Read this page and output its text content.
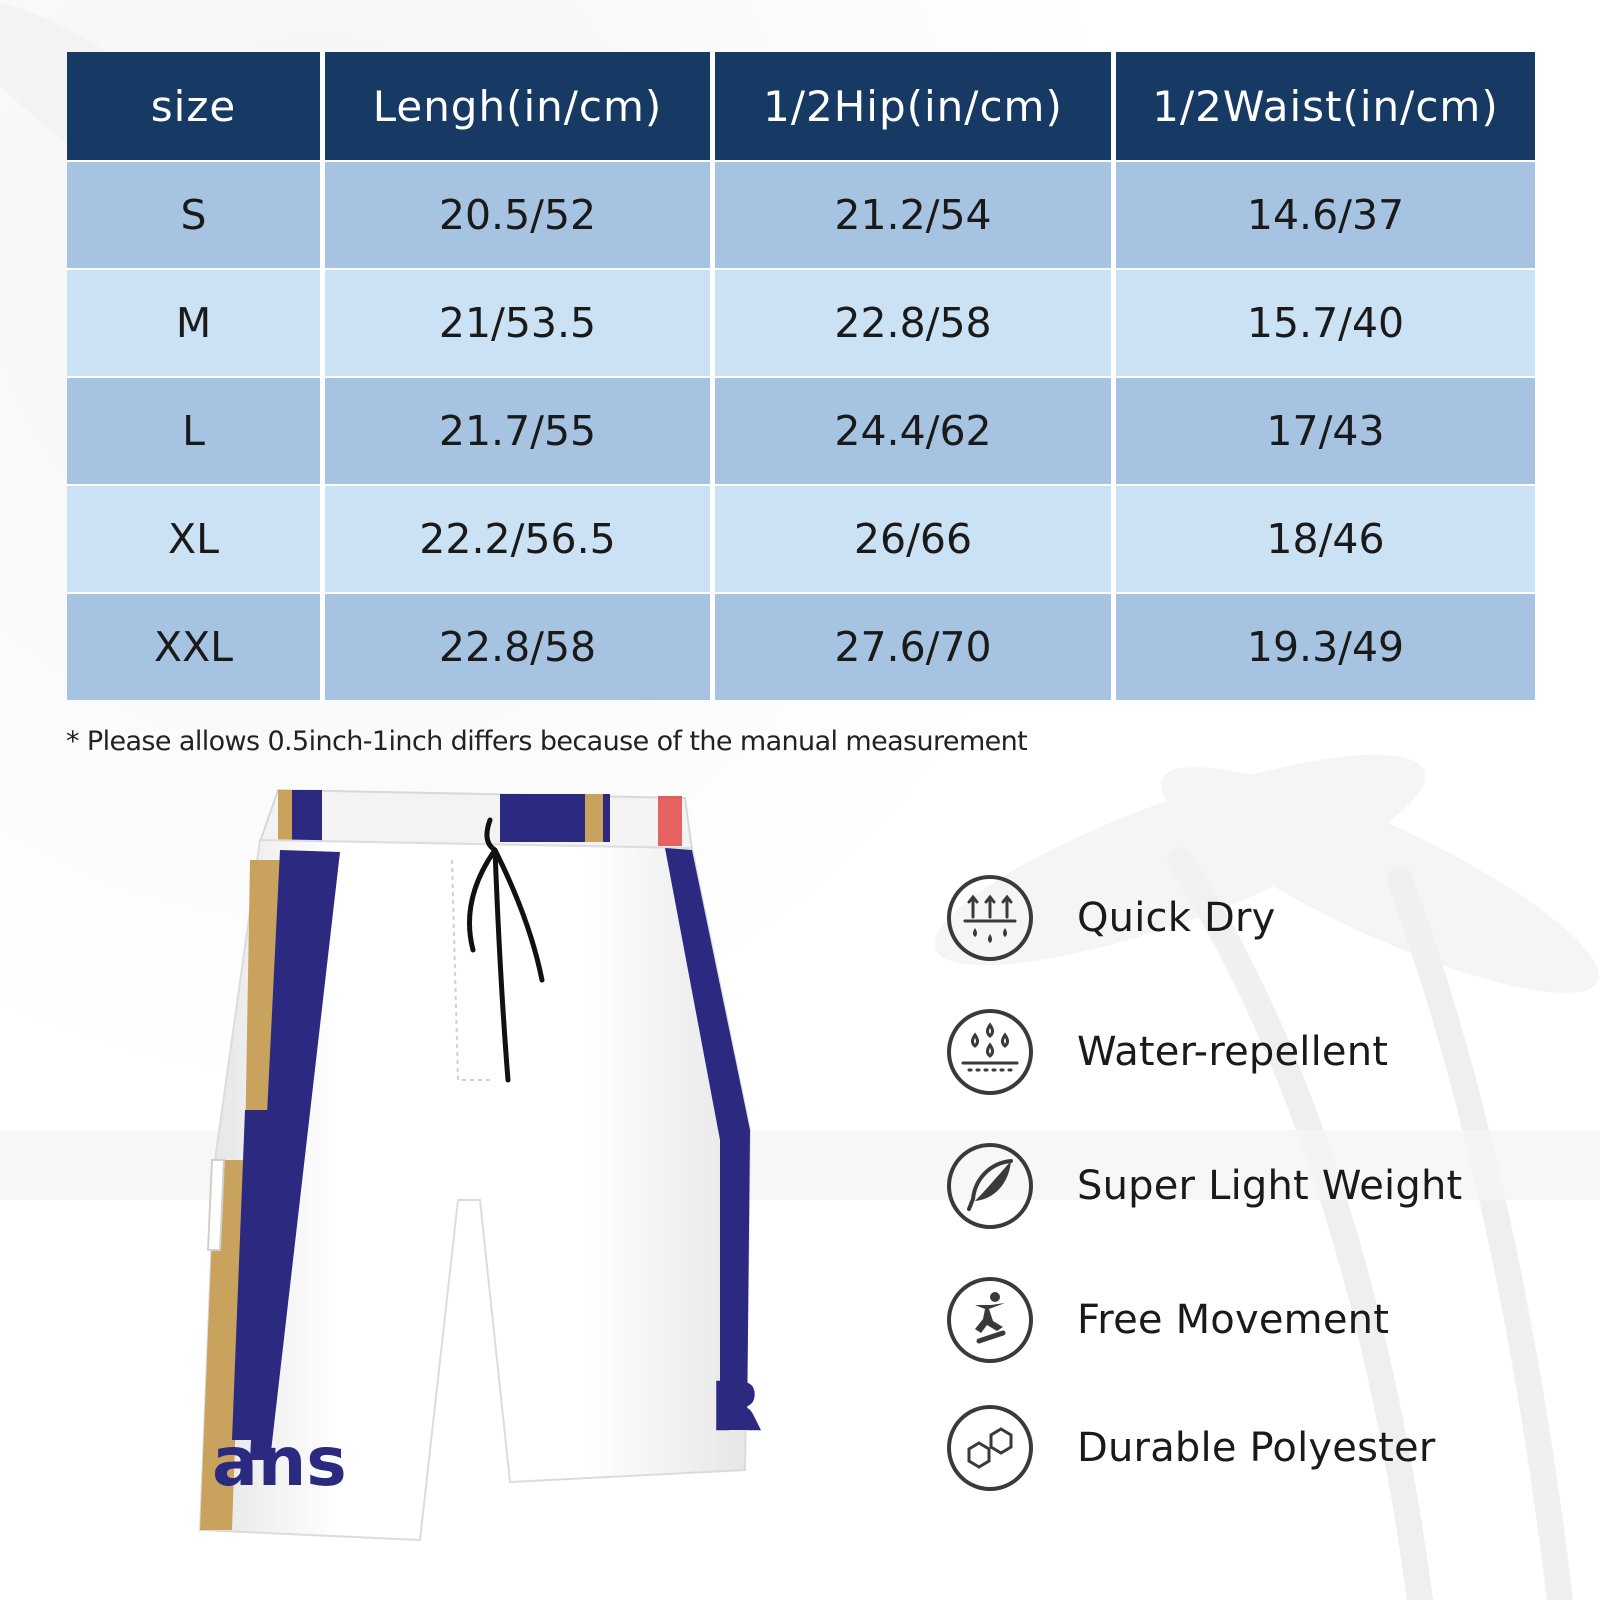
size	Lengh(in/cm)	1/2Hip(in/cm)	1/2Waist(in/cm)
S	20.5/52	21.2/54	14.6/37
M	21/53.5	22.8/58	15.7/40
L	21.7/55	24.4/62	17/43
XL	22.2/56.5	26/66	18/46
XXL	22.8/58	27.6/70	19.3/49
* Please allows 0.5inch-1inch differs because of the manual measurement
ans
R
Quick Dry
Water-repellent
Super Light Weight
Free Movement
Durable Polyester
